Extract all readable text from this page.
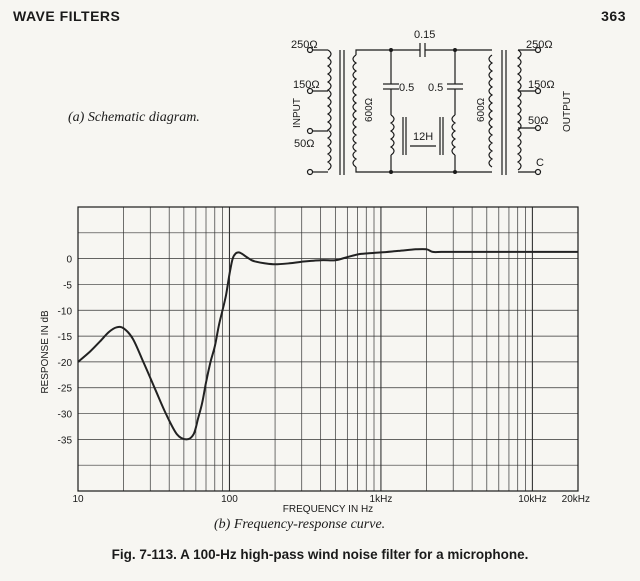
WAVE FILTERS	363
(a) Schematic diagram.
250Ω
150Ω
50Ω
INPUT	600Ω
0.15
0.5 0.5
12H
600Ω
250Ω
150Ω
50Ω
C
OUTPUT
0
-5
-10
-15
-20
-25
-30
-35
10	100	1kHz	10kHz 20kHz
RESPONSE IN dB
FREQUENCY IN Hz
(b) Frequency-response curve.
Fig. 7-113. A 100-Hz high-pass wind noise filter for a microphone.
